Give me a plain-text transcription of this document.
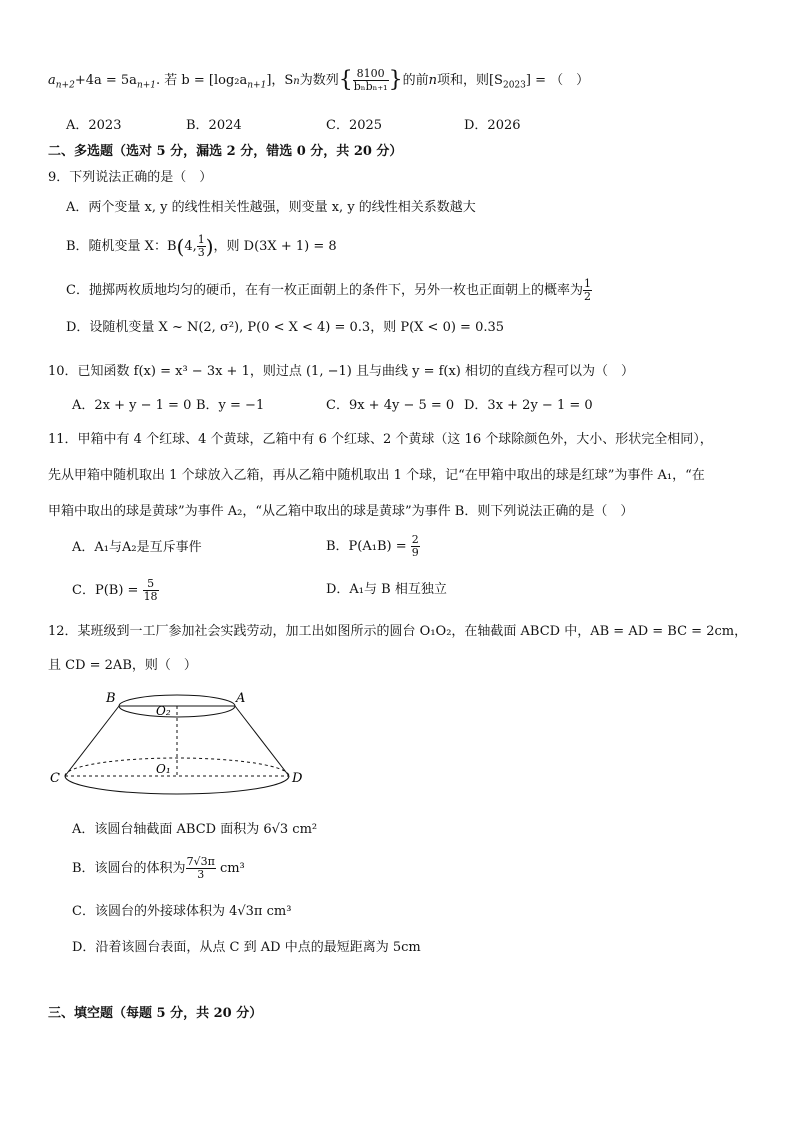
$a_{n+2}+4a = 5a_{n+1}$. 若 $b = [\log_2a_{n+1}]$，Sn为数列{ $\frac{8100}{\text{bₙbₙ₊₁}}$ }的前n项和，则$[S_{2023}]$ = （　）
A．2023	B．2024	C．2025	D．2026
二、多选题（选对 5 分，漏选 2 分，错选 0 分，共 20 分）
9．下列说法正确的是（　）
A．两个变量 x, y 的线性相关性越强，则变量 x, y 的线性相关系数越大
B．随机变量 X：B(4, $\frac{1}{3}$ )，则 D(3X + 1) = 8
C．抛掷两枚质地均匀的硬币，在有一枚正面朝上的条件下，另外一枚也正面朝上的概率为 $\frac{1}{2}$
D．设随机变量 X ~ N(2, σ²), P(0 < X < 4) = 0.3，则 P(X < 0) = 0.35
10．已知函数 f(x) = x³ − 3x + 1，则过点 (1, −1) 且与曲线 y = f(x) 相切的直线方程可以为（　）
A．2x + y − 1 = 0 B．y = −1	C．9x + 4y − 5 = 0 D．3x + 2y − 1 = 0
11．甲箱中有 4 个红球、4 个黄球，乙箱中有 6 个红球、2 个黄球（这 16 个球除颜色外，大小、形状完全相同），
先从甲箱中随机取出 1 个球放入乙箱，再从乙箱中随机取出 1 个球，记“在甲箱中取出的球是红球”为事件 A₁，“在
甲箱中取出的球是黄球”为事件 A₂，“从乙箱中取出的球是黄球”为事件 B．则下列说法正确的是（　）
A．A₁与A₂是互斥事件	B．$P(A_1B) = \frac{2}{9}$
C．$P(B) = \frac{5}{18}$	D．A₁与 B 相互独立
12．某班级到一工厂参加社会实践劳动，加工出如图所示的圆台 O₁O₂，在轴截面 ABCD 中，AB = AD = BC = 2cm，
且 CD = 2AB，则（　）
B	A
C	D
O₂
O₁
A．该圆台轴截面 ABCD 面积为 6√3 cm²
B．该圆台的体积为 $\frac{7√3\pi}{3} cm^3$
C．该圆台的外接球体积为 4√3π cm³
D．沿着该圆台表面，从点 C 到 AD 中点的最短距离为 5cm
三、填空题（每题 5 分，共 20 分）
